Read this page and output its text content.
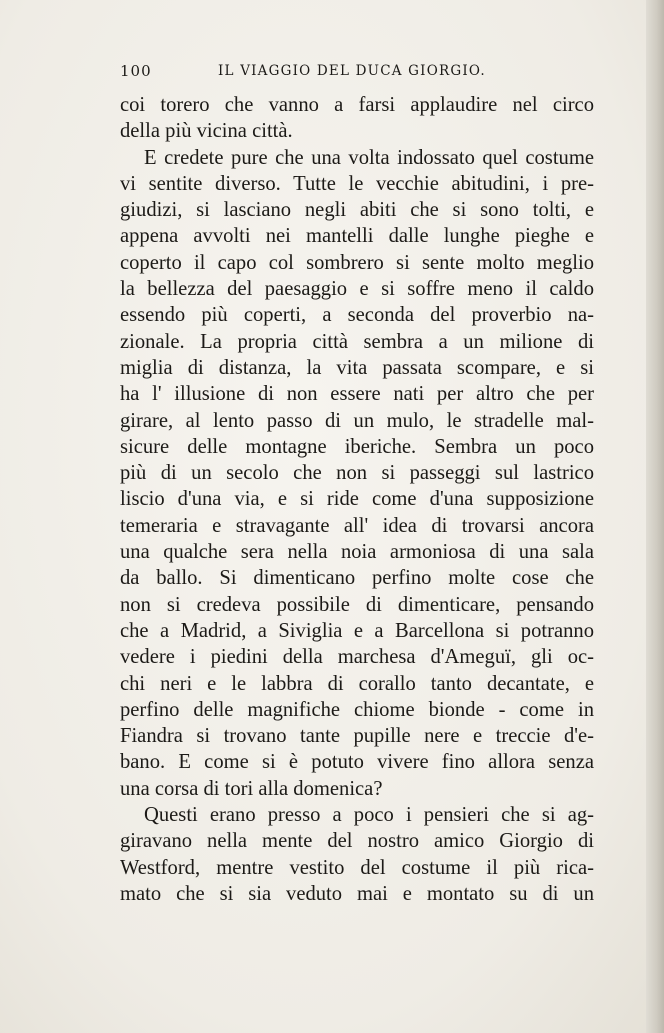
100	IL VIAGGIO DEL DUCA GIORGIO.
coi torero che vanno a farsi applaudire nel circo
della più vicina città.
E credete pure che una volta indossato quel costume
vi sentite diverso. Tutte le vecchie abitudini, i pre-
giudizi, si lasciano negli abiti che si sono tolti, e
appena avvolti nei mantelli dalle lunghe pieghe e
coperto il capo col sombrero si sente molto meglio
la bellezza del paesaggio e si soffre meno il caldo
essendo più coperti, a seconda del proverbio na-
zionale. La propria città sembra a un milione di
miglia di distanza, la vita passata scompare, e si
ha l' illusione di non essere nati per altro che per
girare, al lento passo di un mulo, le stradelle mal-
sicure delle montagne iberiche. Sembra un poco
più di un secolo che non si passeggi sul lastrico
liscio d'una via, e si ride come d'una supposizione
temeraria e stravagante all' idea di trovarsi ancora
una qualche sera nella noia armoniosa di una sala
da ballo. Si dimenticano perfino molte cose che
non si credeva possibile di dimenticare, pensando
che a Madrid, a Siviglia e a Barcellona si potranno
vedere i piedini della marchesa d'Ameguï, gli oc-
chi neri e le labbra di corallo tanto decantate, e
perfino delle magnifiche chiome bionde - come in
Fiandra si trovano tante pupille nere e treccie d'e-
bano. E come si è potuto vivere fino allora senza
una corsa di tori alla domenica?
Questi erano presso a poco i pensieri che si ag-
giravano nella mente del nostro amico Giorgio di
Westford, mentre vestito del costume il più rica-
mato che si sia veduto mai e montato su di un
